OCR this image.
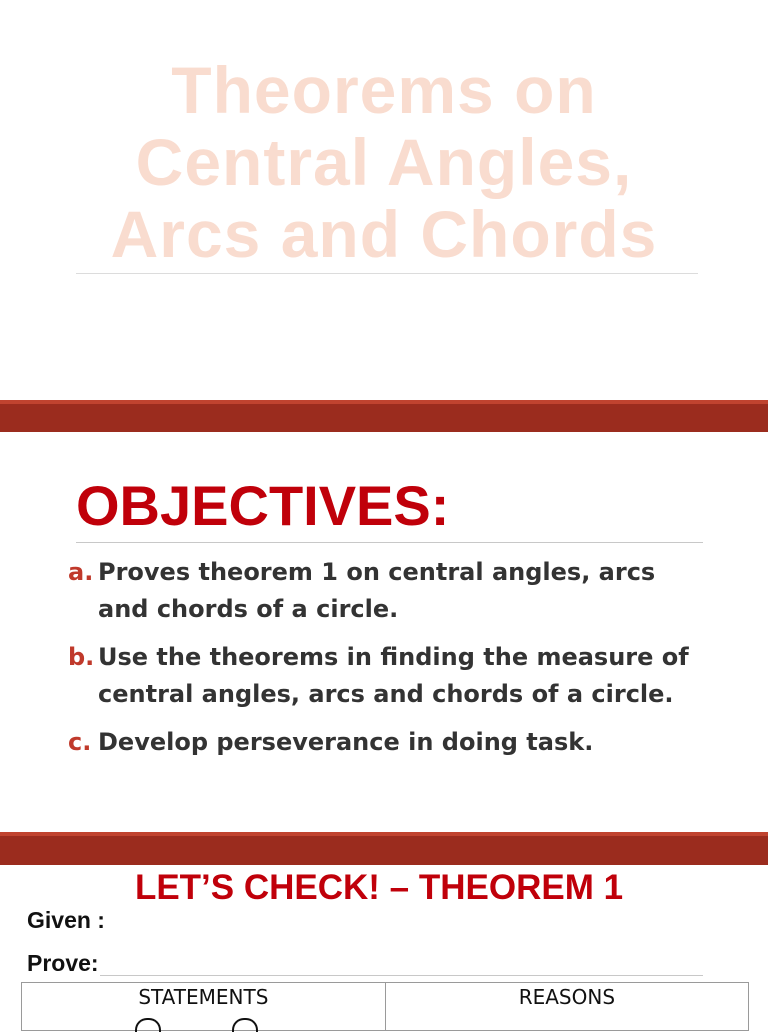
Theorems on
Central Angles,
Arcs and Chords
OBJECTIVES:
a. Proves theorem 1 on central angles, arcs and chords of a circle.
b. Use the theorems in finding the measure of central angles, arcs and chords of a circle.
c. Develop perseverance in doing task.
LET’S CHECK! – THEOREM 1

Given :

Prove:

STATEMENTS	REASONS
